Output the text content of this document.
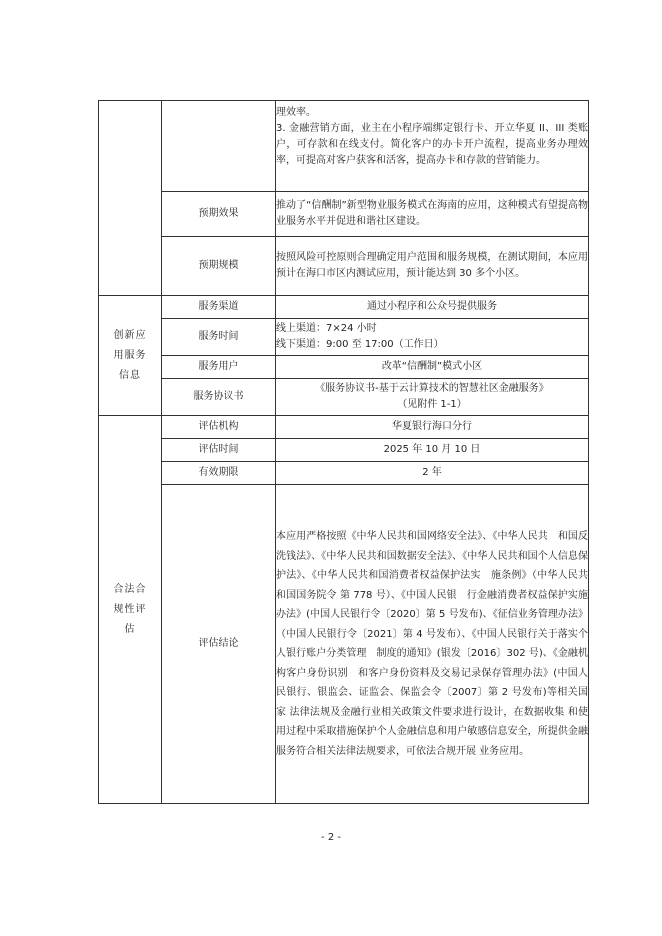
		理效率。
3. 金融营销方面，业主在小程序端绑定银行卡、开立华夏 II、III 类账户，可存款和在线支付。简化客户的办卡开户流程，提高业务办理效率，可提高对客户获客和活客，提高办卡和存款的营销能力。

	预期效果	推动了“信酬制”新型物业服务模式在海南的应用，这种模式有望提高物业服务水平并促进和谐社区建设。
	预期规模	按照风险可控原则合理确定用户范围和服务规模，在测试期间，本应用预计在海口市区内测试应用，预计能达到 30 多个小区。
创新应用服务信息	服务渠道	通过小程序和公众号提供服务
	服务时间	线上渠道：7×24 小时
线下渠道：9:00 至 17:00（工作日）

	服务用户	改革“信酬制”模式小区
	服务协议书	《服务协议书-基于云计算技术的智慧社区金融服务》
（见附件 1-1）

合法合规性评估	评估机构	华夏银行海口分行
	评估时间	2025 年 10 月 10 日
	有效期限	2 年
	评估结论	本应用严格按照《中华人民共和国网络安全法》、《中华人民共　和国反洗钱法》、《中华人民共和国数据安全法》、《中华人民共和国个人信息保护法》、《中华人民共和国消费者权益保护法实　施条例》（中华人民共和国国务院令 第 778 号）、《中国人民银　行金融消费者权益保护实施办法》(中国人民银行令〔2020〕第 5 号发布)、《征信业务管理办法》（中国人民银行令〔2021〕第 4 号发布）、《中国人民银行关于落实个人银行账户分类管理　制度的通知》(银发〔2016〕302 号)、《金融机构客户身份识别　和客户身份资料及交易记录保存管理办法》(中国人民银行、银监会、证监会、保监会令〔2007〕第 2 号发布)等相关国家 法律法规及金融行业相关政策文件要求进行设计，在数据收集 和使用过程中采取措施保护个人金融信息和用户敏感信息安全，所提供金融服务符合相关法律法规要求，可依法合规开展 业务应用。
- 2 -
